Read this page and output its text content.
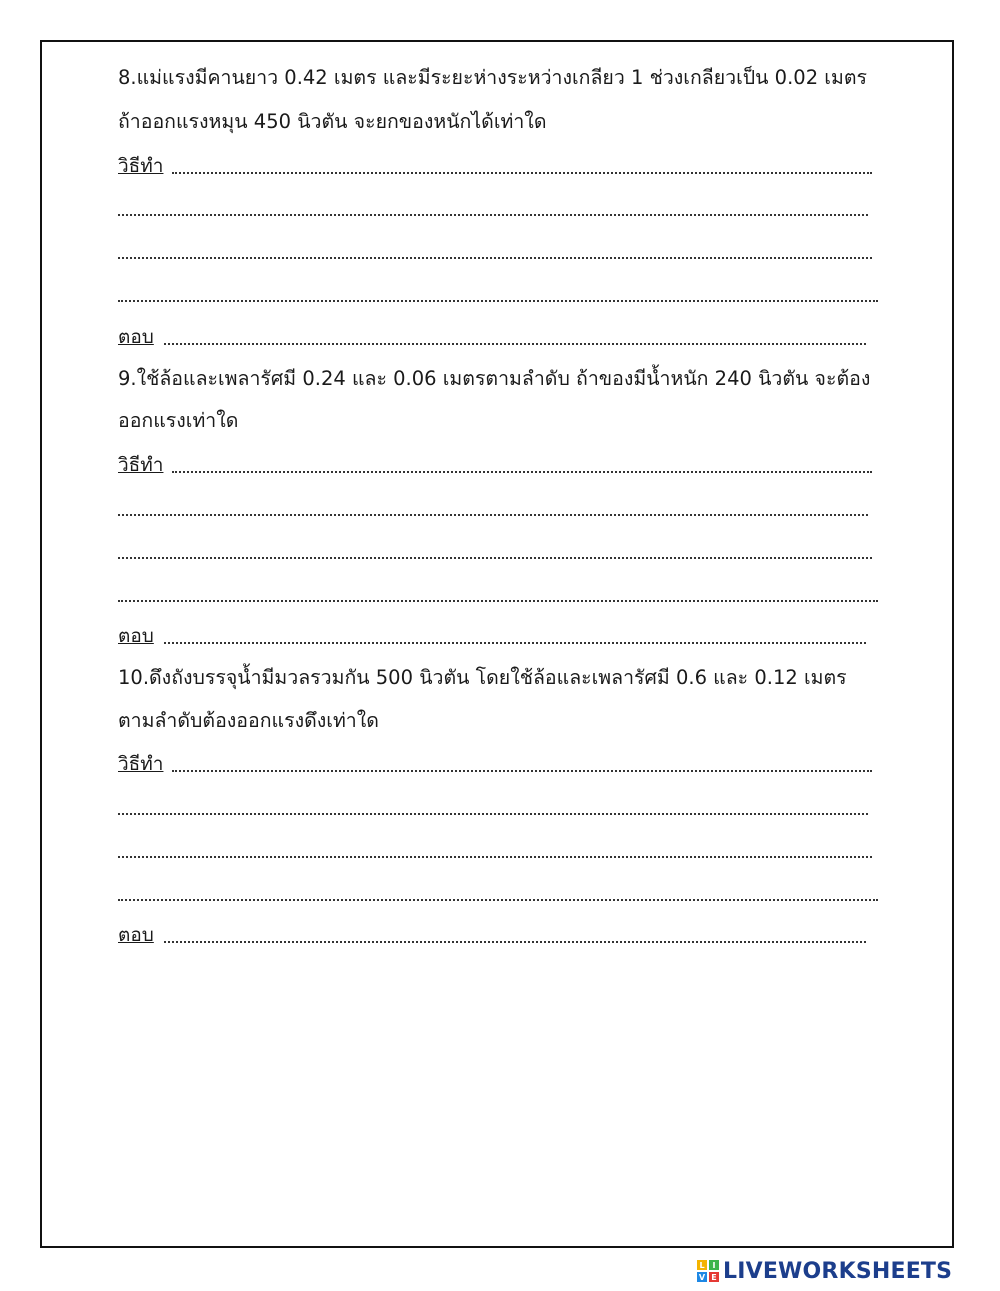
8.แม่แรงมีคานยาว 0.42 เมตร และมีระยะห่างระหว่างเกลียว 1 ช่วงเกลียวเป็น 0.02 เมตร
ถ้าออกแรงหมุน 450 นิวตัน จะยกของหนักได้เท่าใด
วิธีทำ
ตอบ
9.ใช้ล้อและเพลารัศมี 0.24 และ 0.06 เมตรตามลำดับ ถ้าของมีน้ำหนัก 240 นิวตัน จะต้อง
ออกแรงเท่าใด
วิธีทำ
ตอบ
10.ดึงถังบรรจุน้ำมีมวลรวมกัน 500 นิวตัน โดยใช้ล้อและเพลารัศมี 0.6 และ 0.12 เมตร
ตามลำดับต้องออกแรงดึงเท่าใด
วิธีทำ
ตอบ
L I
V E LIVEWORKSHEETS
